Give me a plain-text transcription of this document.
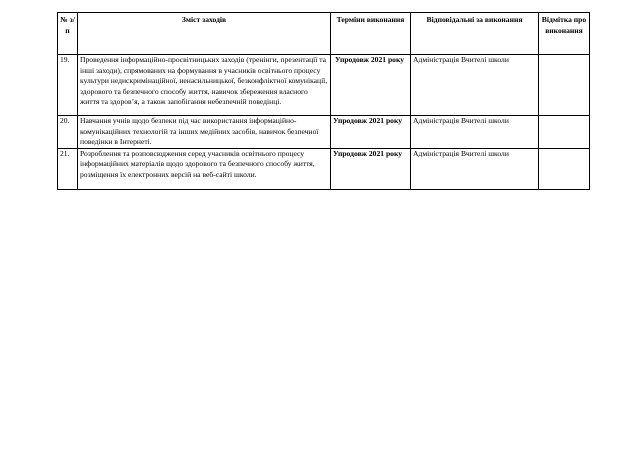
№ з/п	Зміст заходів	Терміни виконання	Відповідальні за виконання	Відмітка про виконання
19.	Проведення інформаційно-просвітницьких заходів (тренінги, презентації та інші заходи), спрямованих на формування в учасників освітнього процесу культури недискримінаційної, ненасильницької, безконфліктної комунікації, здорового та безпечного способу життя, навичок збереження власного життя та здоров’я, а також запобігання небезпечній поведінці.	Упродовж 2021 року	Адміністрація Вчителі школи	
20.	Навчання учнів щодо безпеки під час використання інформаційно-комунікаційних технологій та інших медійних засобів, навичок безпечної поведінки в Інтернеті.	Упродовж 2021 року	Адміністрація Вчителі школи	
21.	Розроблення та розповсюдження серед учасників освітнього процесу інформаційних матеріалів щодо здорового та безпечного способу життя, розміщення їх електронних версій на веб-сайті школи.	Упродовж 2021 року	Адміністрація Вчителі школи	
